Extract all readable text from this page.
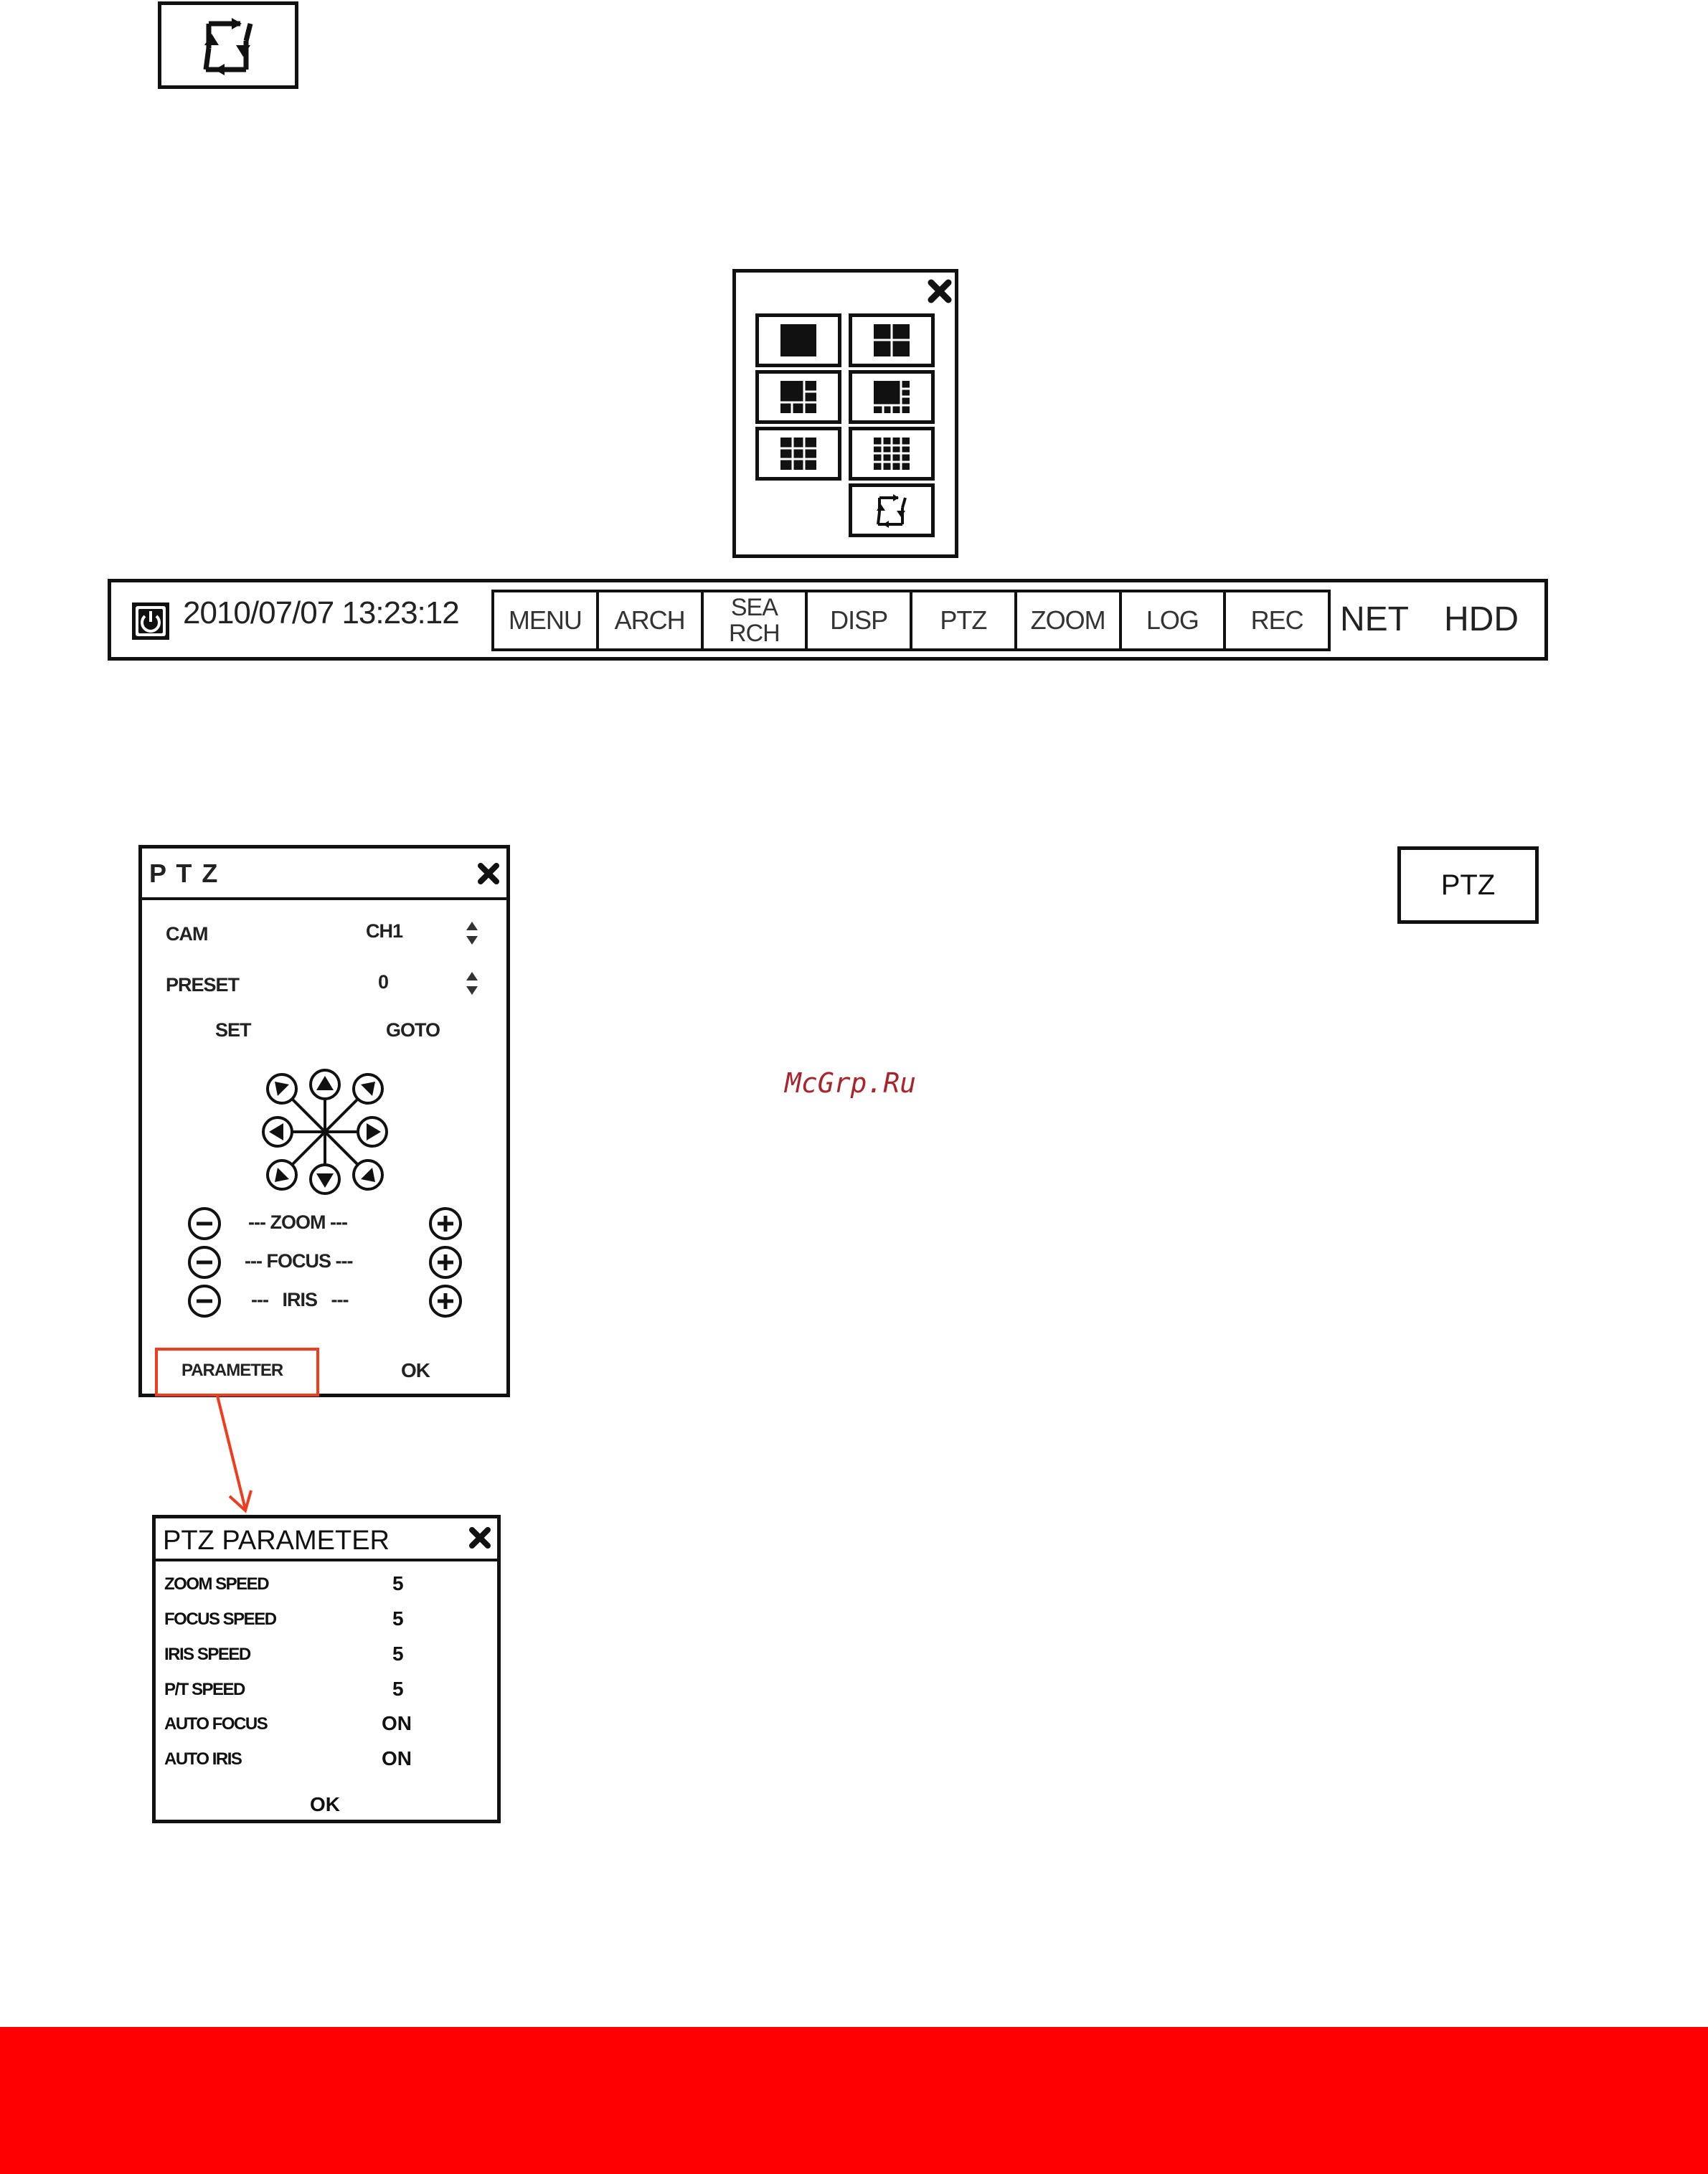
2010/07/07 13:23:12	MENU	ARCH	SEA
RCH	DISP	PTZ	ZOOM	LOG	REC	NET HDD
PTZ
McGrp.Ru
P T Z
CAM	CH1
PRESET	0
SET	GOTO
--- ZOOM ---
--- FOCUS ---
---   IRIS   ---
PARAMETER	OK
PTZ PARAMETER
ZOOM SPEED	5
FOCUS SPEED	5
IRIS SPEED	5
P/T SPEED	5
AUTO FOCUS	ON
AUTO IRIS	ON
OK
